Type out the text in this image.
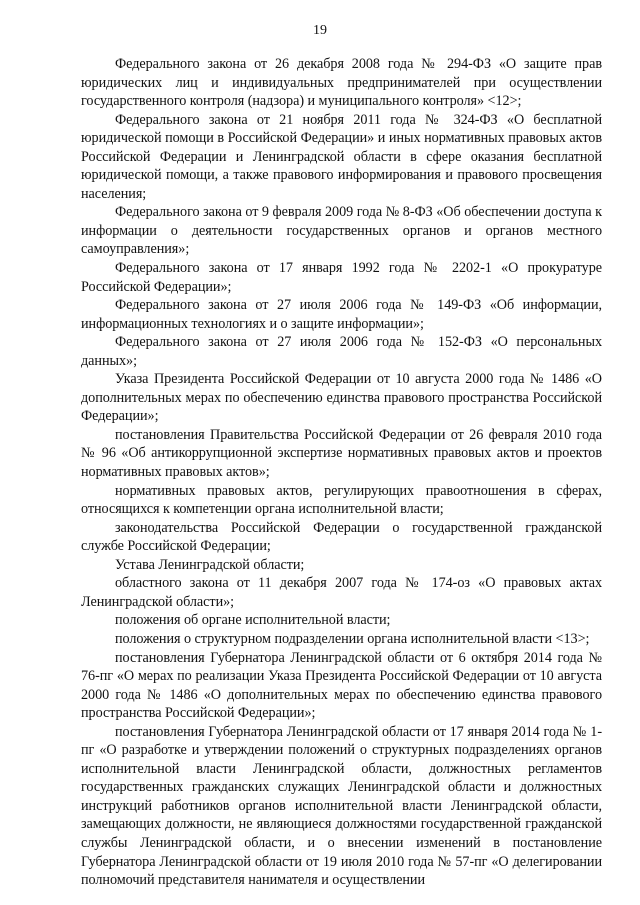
19

Федерального закона от 26 декабря 2008 года № 294-ФЗ «О защите прав юридических лиц и индивидуальных предпринимателей при осуществлении государственного контроля (надзора) и муниципального контроля» <12>;

Федерального закона от 21 ноября 2011 года № 324-ФЗ «О бесплатной юридической помощи в Российской Федерации» и иных нормативных правовых актов Российской Федерации и Ленинградской области в сфере оказания бесплатной юридической помощи, а также правового информирования и правового просвещения населения;

Федерального закона от 9 февраля 2009 года № 8-ФЗ «Об обеспечении доступа к информации о деятельности государственных органов и органов местного самоуправления»;

Федерального закона от 17 января 1992 года № 2202-1 «О прокуратуре Российской Федерации»;

Федерального закона от 27 июля 2006 года № 149-ФЗ «Об информации, информационных технологиях и о защите информации»;

Федерального закона от 27 июля 2006 года № 152-ФЗ «О персональных данных»;

Указа Президента Российской Федерации от 10 августа 2000 года № 1486 «О дополнительных мерах по обеспечению единства правового пространства Российской Федерации»;

постановления Правительства Российской Федерации от 26 февраля 2010 года № 96 «Об антикоррупционной экспертизе нормативных правовых актов и проектов нормативных правовых актов»;

нормативных правовых актов, регулирующих правоотношения в сферах, относящихся к компетенции органа исполнительной власти;

законодательства Российской Федерации о государственной гражданской службе Российской Федерации;

Устава Ленинградской области;

областного закона от 11 декабря 2007 года № 174-оз «О правовых актах Ленинградской области»;

положения об органе исполнительной власти;

положения о структурном подразделении органа исполнительной власти <13>;

постановления Губернатора Ленинградской области от 6 октября 2014 года № 76-пг «О мерах по реализации Указа Президента Российской Федерации от 10 августа 2000 года № 1486 «О дополнительных мерах по обеспечению единства правового пространства Российской Федерации»;

постановления Губернатора Ленинградской области от 17 января 2014 года № 1-пг «О разработке и утверждении положений о структурных подразделениях органов исполнительной власти Ленинградской области, должностных регламентов государственных гражданских служащих Ленинградской области и должностных инструкций работников органов исполнительной власти Ленинградской области, замещающих должности, не являющиеся должностями государственной гражданской службы Ленинградской области, и о внесении изменений в постановление Губернатора Ленинградской области от 19 июля 2010 года № 57-пг «О делегировании полномочий представителя нанимателя и осуществлении
